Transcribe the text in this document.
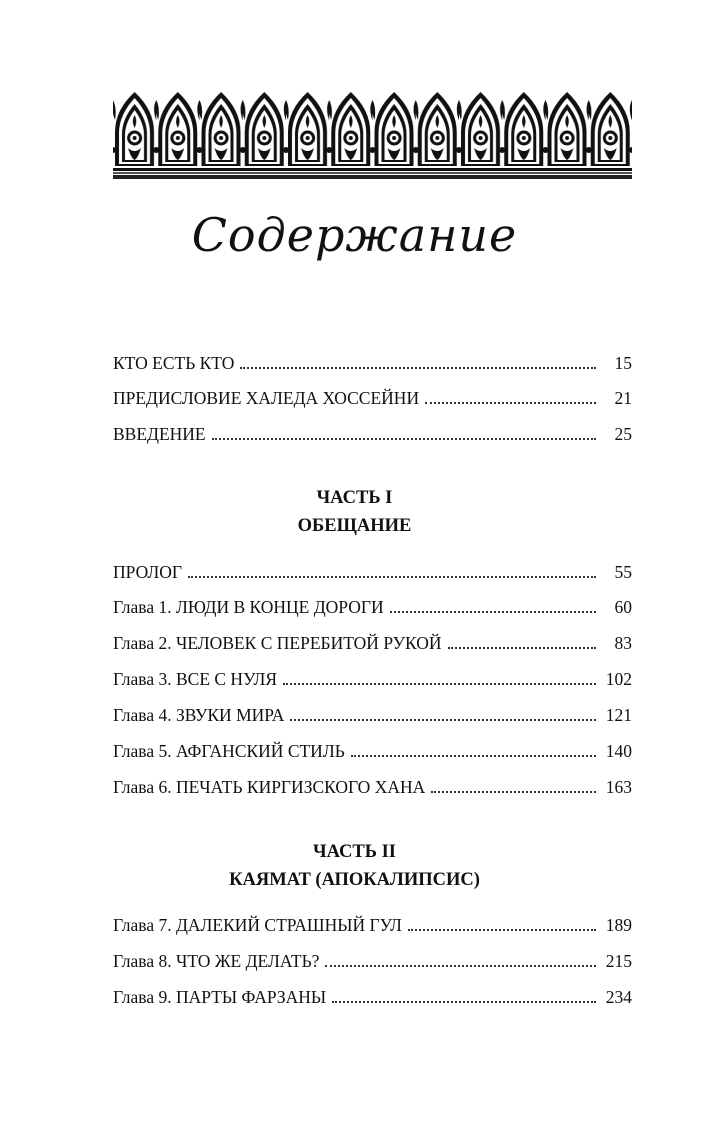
Содержание
КТО ЕСТЬ КТО	15
ПРЕДИСЛОВИЕ ХАЛЕДА ХОССЕЙНИ	21
ВВЕДЕНИЕ	25
ЧАСТЬ I
ОБЕЩАНИЕ
ПРОЛОГ	55
Глава 1. ЛЮДИ В КОНЦЕ ДОРОГИ	60
Глава 2. ЧЕЛОВЕК С ПЕРЕБИТОЙ РУКОЙ	83
Глава 3. ВСЕ С НУЛЯ	102
Глава 4. ЗВУКИ МИРА	121
Глава 5. АФГАНСКИЙ СТИЛЬ	140
Глава 6. ПЕЧАТЬ КИРГИЗСКОГО ХАНА	163
ЧАСТЬ II
КАЯМАТ (АПОКАЛИПСИС)
Глава 7. ДАЛЕКИЙ СТРАШНЫЙ ГУЛ	189
Глава 8. ЧТО ЖЕ ДЕЛАТЬ?	215
Глава 9. ПАРТЫ ФАРЗАНЫ	234
